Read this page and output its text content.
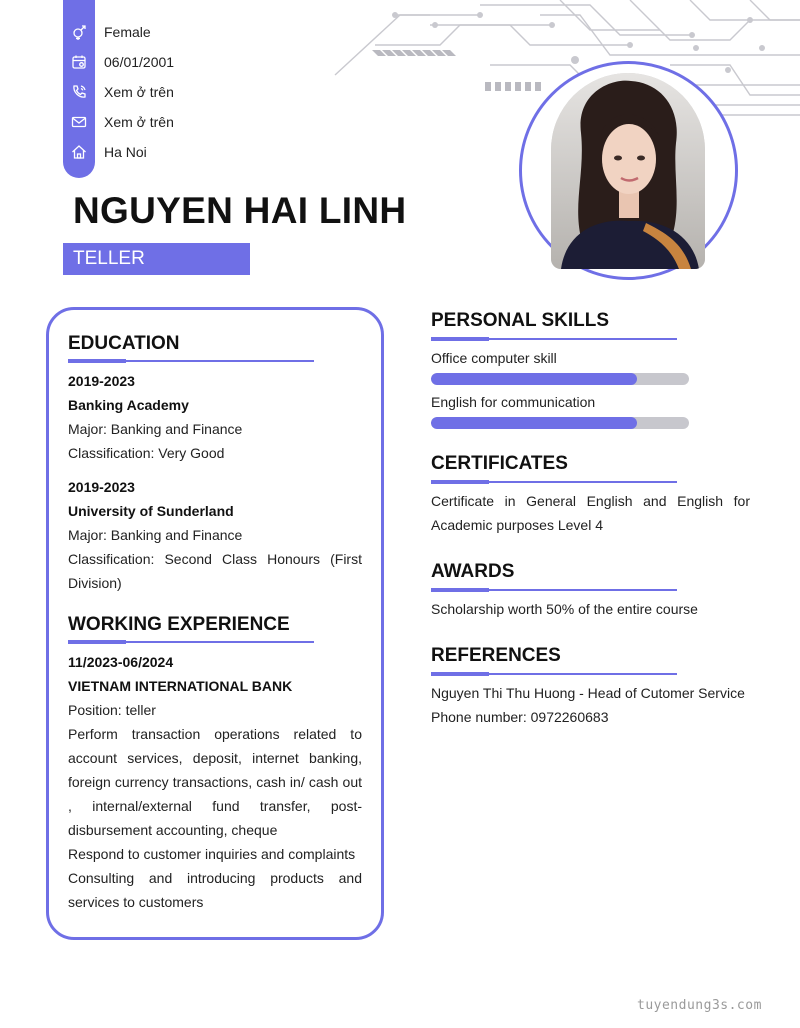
Female
06/01/2001
Xem ở trên
Xem ở trên
Ha Noi
NGUYEN HAI LINH
TELLER
EDUCATION
2019-2023
Banking Academy
Major: Banking and Finance
Classification: Very Good
2019-2023
University of Sunderland
Major: Banking and Finance
Classification: Second Class Honours (First Division)
WORKING EXPERIENCE
11/2023-06/2024
VIETNAM INTERNATIONAL BANK
Position: teller
Perform transaction operations related to account services, deposit, internet banking, foreign currency transactions, cash in/ cash out , internal/external fund transfer, post-disbursement accounting, cheque
Respond to customer inquiries and complaints
Consulting and introducing products and services to customers
PERSONAL SKILLS
Office computer skill
English for communication
CERTIFICATES
Certificate in General English and English for Academic purposes Level 4
AWARDS
Scholarship worth 50% of the entire course
REFERENCES
Nguyen Thi Thu Huong - Head of Cutomer Service
Phone number: 0972260683
tuyendung3s.com
